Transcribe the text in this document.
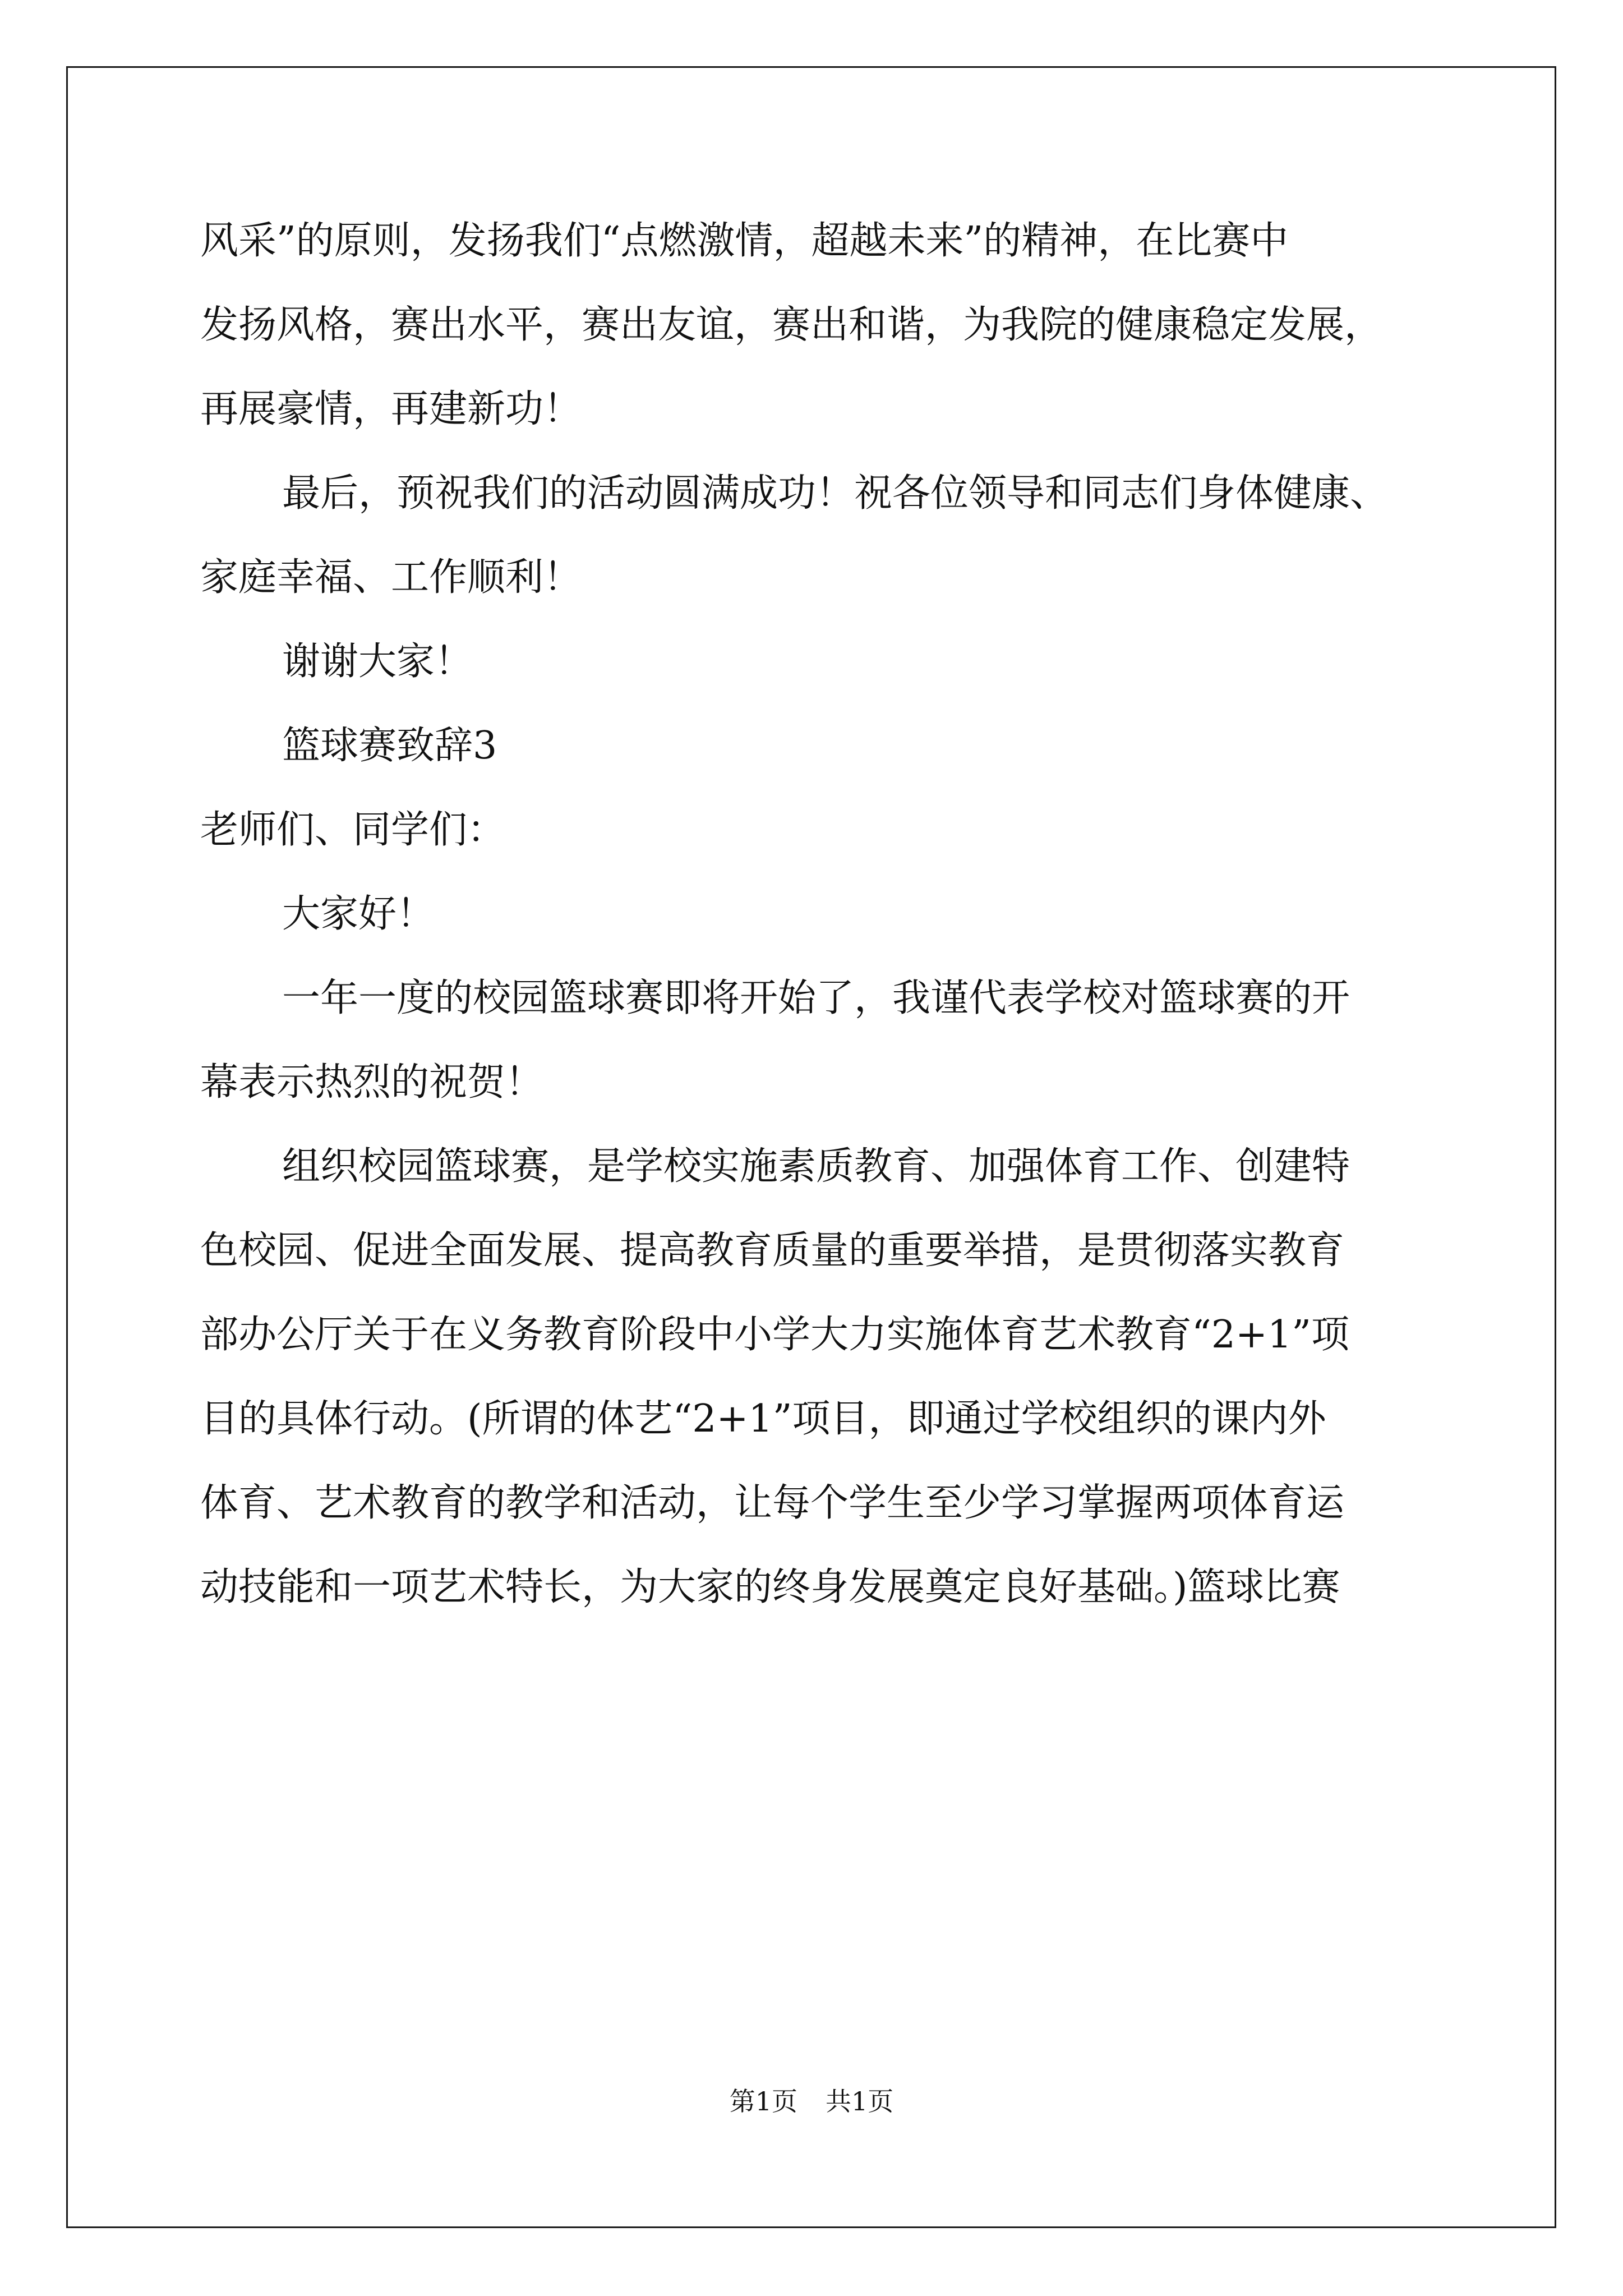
风采”的原则，发扬我们“点燃激情，超越未来”的精神，在比赛中
发扬风格，赛出水平，赛出友谊，赛出和谐，为我院的健康稳定发展，
再展豪情，再建新功！
最后，预祝我们的活动圆满成功！祝各位领导和同志们身体健康、
家庭幸福、工作顺利！
谢谢大家！
篮球赛致辞3
老师们、同学们：
大家好！
一年一度的校园篮球赛即将开始了，我谨代表学校对篮球赛的开
幕表示热烈的祝贺！
组织校园篮球赛，是学校实施素质教育、加强体育工作、创建特
色校园、促进全面发展、提高教育质量的重要举措，是贯彻落实教育
部办公厅关于在义务教育阶段中小学大力实施体育艺术教育“2+1”项
目的具体行动。(所谓的体艺“2+1”项目，即通过学校组织的课内外
体育、艺术教育的教学和活动，让每个学生至少学习掌握两项体育运
动技能和一项艺术特长，为大家的终身发展奠定良好基础。)篮球比赛
第1页 共1页
